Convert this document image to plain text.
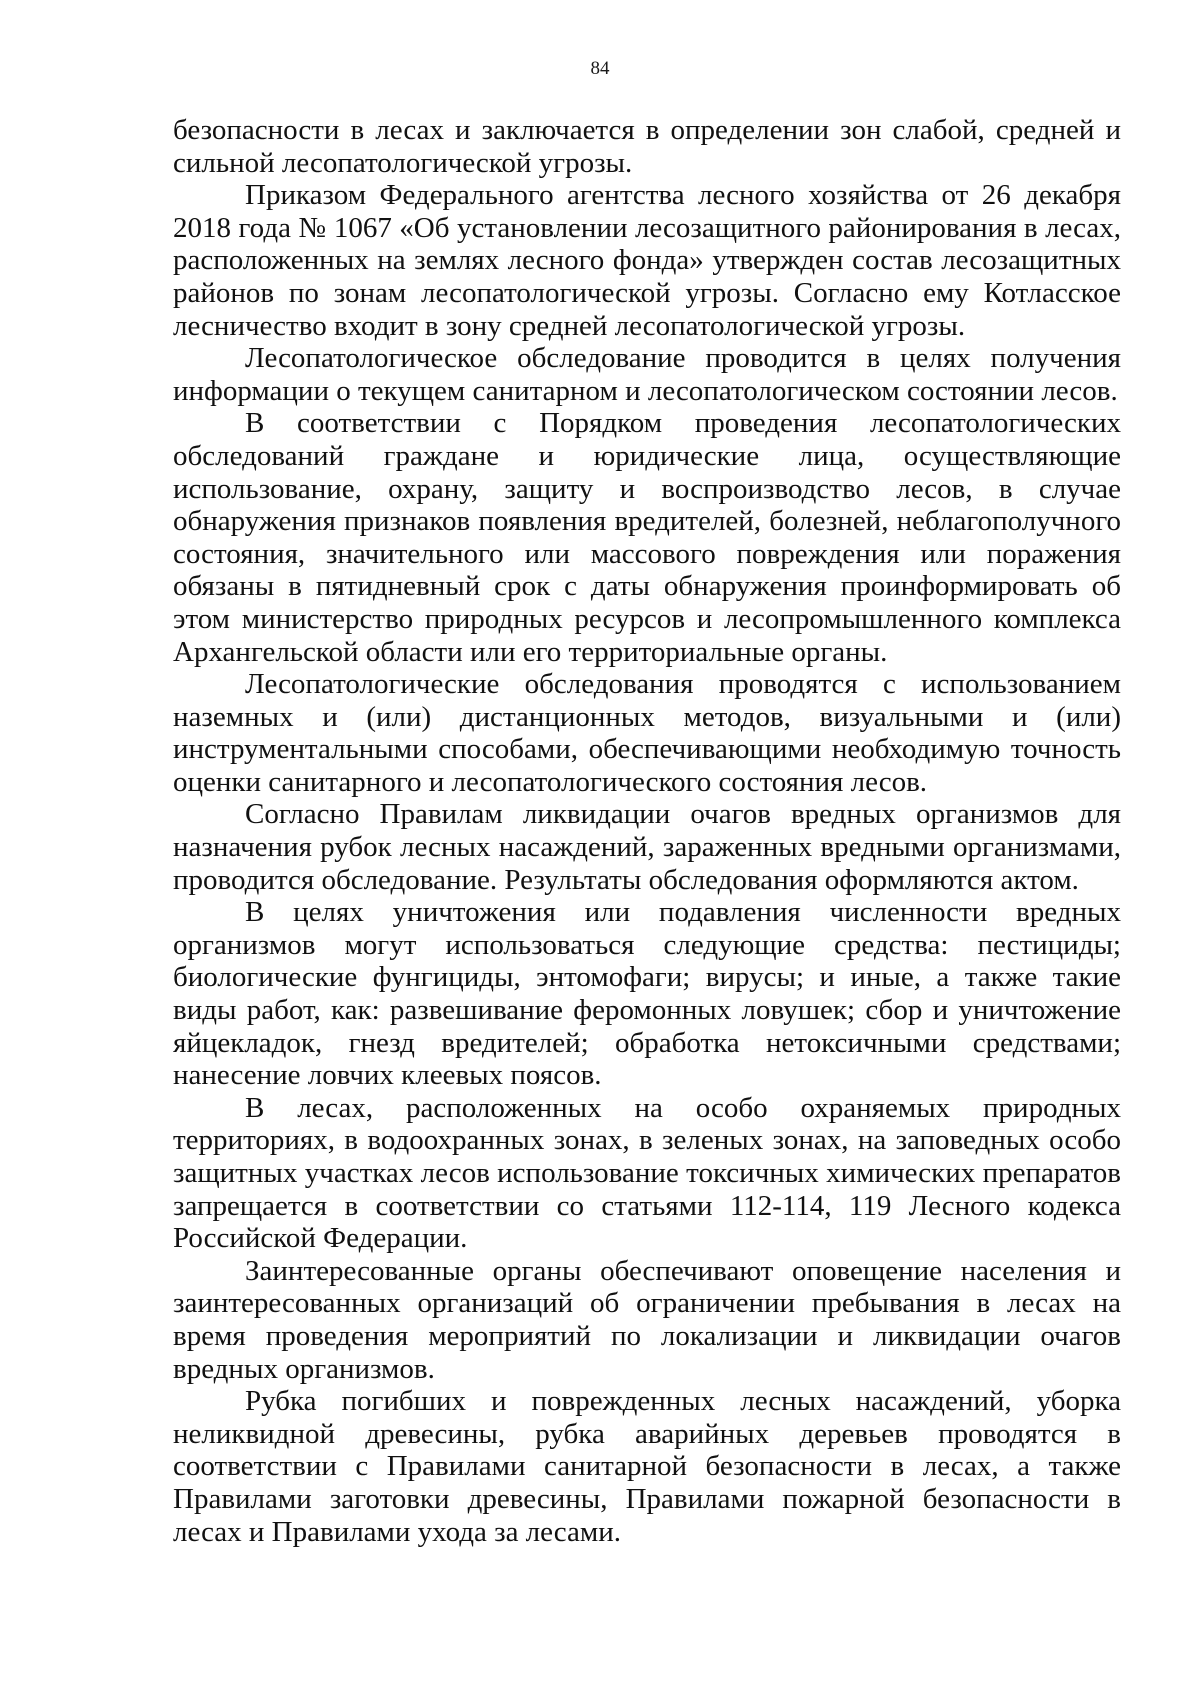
84

безопасности в лесах и заключается в определении зон слабой, средней и сильной лесопатологической угрозы.

Приказом Федерального агентства лесного хозяйства от 26 декабря 2018 года № 1067 «Об установлении лесозащитного районирования в лесах, расположенных на землях лесного фонда» утвержден состав лесозащитных районов по зонам лесопатологической угрозы. Согласно ему Котласское лесничество входит в зону средней лесопатологической угрозы.

Лесопатологическое обследование проводится в целях получения информации о текущем санитарном и лесопатологическом состоянии лесов.

В соответствии с Порядком проведения лесопатологических обследований граждане и юридические лица, осуществляющие использование, охрану, защиту и воспроизводство лесов, в случае обнаружения признаков появления вредителей, болезней, неблагополучного состояния, значительного или массового повреждения или поражения обязаны в пятидневный срок с даты обнаружения проинформировать об этом министерство природных ресурсов и лесопромышленного комплекса Архангельской области или его территориальные органы.

Лесопатологические обследования проводятся с использованием наземных и (или) дистанционных методов, визуальными и (или) инструментальными способами, обеспечивающими необходимую точность оценки санитарного и лесопатологического состояния лесов.

Согласно Правилам ликвидации очагов вредных организмов для назначения рубок лесных насаждений, зараженных вредными организмами, проводится обследование. Результаты обследования оформляются актом.

В целях уничтожения или подавления численности вредных организмов могут использоваться следующие средства: пестициды; биологические фунгициды, энтомофаги; вирусы; и иные, а также такие виды работ, как: развешивание феромонных ловушек; сбор и уничтожение яйцекладок, гнезд вредителей; обработка нетоксичными средствами; нанесение ловчих клеевых поясов.

В лесах, расположенных на особо охраняемых природных территориях, в водоохранных зонах, в зеленых зонах, на заповедных особо защитных участках лесов использование токсичных химических препаратов запрещается в соответствии со статьями 112-114, 119 Лесного кодекса Российской Федерации.

Заинтересованные органы обеспечивают оповещение населения и заинтересованных организаций об ограничении пребывания в лесах на время проведения мероприятий по локализации и ликвидации очагов вредных организмов.

Рубка погибших и поврежденных лесных насаждений, уборка неликвидной древесины, рубка аварийных деревьев проводятся в соответствии с Правилами санитарной безопасности в лесах, а также Правилами заготовки древесины, Правилами пожарной безопасности в лесах и Правилами ухода за лесами.
